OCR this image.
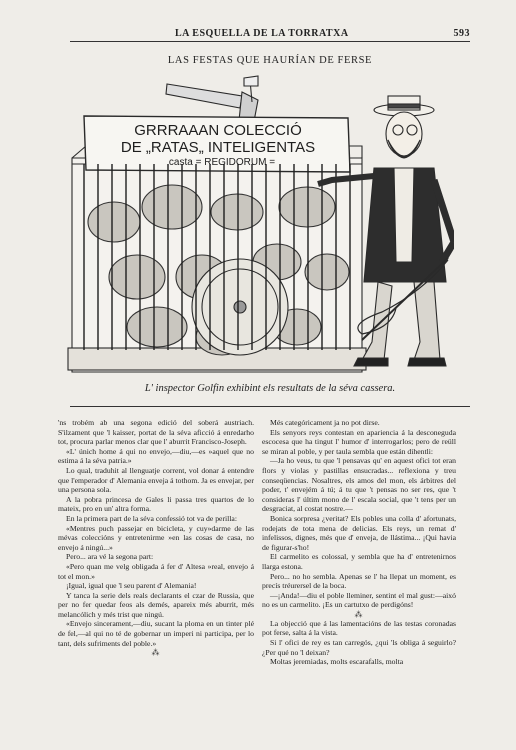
LA ESQUELLA DE LA TORRATXA	593
LAS FESTAS QUE HAURÍAN DE FERSE
GRRRAAAN COLECCIÓ
DE „RATAS„ INTELIGENTAS
casta = REGIDORUM =
L' inspector Golfin exhibint els resultats de la séva cassera.

'ns trobém ab una segona edició del soberá austriach. S'ilzament que 'l kaisser, portat de la séva aficció á enredarho tot, procura parlar menos clar que l' aburrit Francisco-Joseph.

«L' únich home á qui no envejo,—diu,—es »aquel que no estima á la séva patria.»

Lo qual, traduhit al llenguatje corrent, vol donar á entendre que l'emperador d' Alemania enveja á tothom. Ja es envejar, per una persona sola.

A la pobra princesa de Gales li passa tres quartos de lo mateix, pro en un' altra forma.

En la primera part de la séva confessió tot va de perilla:

«Mentres puch passejar en bicicleta, y cuy»darme de las mévas coleccións y entretenirme »en las cosas de casa, no envejo á ningú...»

Pero... ara vé la segona part:

«Pero quan me velg obligada á fer d' Altesa »real, envejo á tot el mon.»

¡Igual, igual que 'l seu parent d' Alemania!

Y tanca la serie dels reals declarants el czar de Russia, que per no fer quedar feos als demés, apareix més aburrit, més melancólich y més trist que ningú.

«Envejo sincerament,—diu, sucant la ploma en un tinter plé de fel,—al qui no té de gobernar un imperi ni participa, per lo tant, dels sufriments del poble.»

⁂

Més categóricament ja no pot dirse.

Els senyors reys contestan en apariencia á la desconeguda escocesa que ha tingut l' humor d' interrogarlos; pero de reüll se miran al poble, y per taula sembla que están dihentli:

—Ja ho veus, tu que 'l pensavas qu' en aquest ofici tot eran flors y violas y pastillas ensucradas... reflexiona y treu conseqüencias. Nosaltres, els amos del mon, els árbitres del poder, t' envejém á tú; á tu que 't pensas no ser res, que 't consideras l' últim mono de l' escala social, que 't tens per un desgraciat, al costat nostre.—

Bonica sorpresa ¿veritat? Els pobles una colla d' afortunats, rodejats de tota mena de delicias. Els reys, un remat d' infelissos, dignes, més que d' enveja, de llástima... ¡Qui havia de figurar-s'ho!

El carmelito es colossal, y sembla que ha d' entretenirnos llarga estona.

Pero... no ho sembla. Apenas se l' ha llepat un moment, es precís tréurersel de la boca.

—¡Anda!—diu el poble lleminer, sentint el mal gust:—aixó no es un carmelito. ¡Es un cartutxo de perdigóns!

⁂

La objecció que á las lamentacións de las testas coronadas pot ferse, salta á la vista.

Si l' ofici de rey es tan carregós, ¿qui 'ls obliga á seguirlo? ¿Per qué no 'l deixan?

Moltas jeremiadas, molts escarafalls, molta
